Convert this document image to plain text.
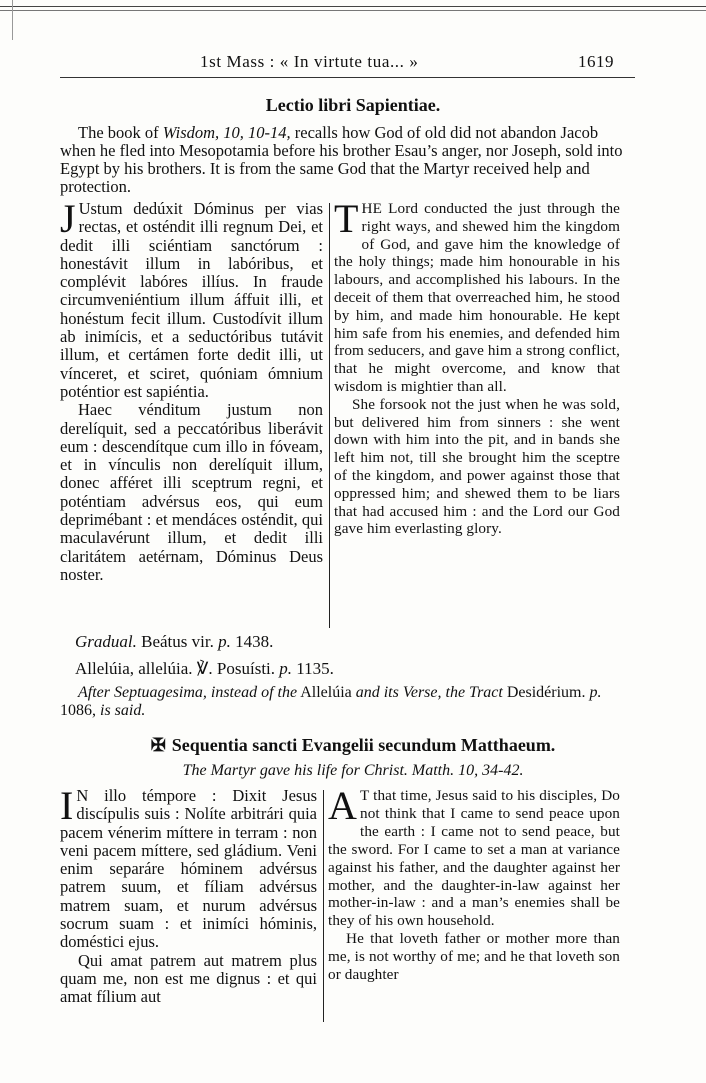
1st Mass : « In virtute tua... »	1619
Lectio libri Sapientiae.

The book of Wisdom, 10, 10-14, recalls how God of old did not abandon Jacob when he fled into Mesopotamia before his brother Esau’s anger, nor Joseph, sold into Egypt by his brothers. It is from the same God that the Martyr received help and protection.

J Ustum dedúxit Dóminus per vias rectas, et osténdit illi regnum Dei, et dedit illi sciéntiam sanctórum : honestávit illum in labóribus, et complévit labóres illíus. In fraude circumveniéntium illum áffuit illi, et honéstum fecit illum. Custodívit illum ab inimícis, et a seductóribus tutávit illum, et certámen forte dedit illi, ut vínceret, et sciret, quóniam ómnium poténtior est sapiéntia.

Haec vénditum justum non derelíquit, sed a peccatóribus liberávit eum : descendítque cum illo in fóveam, et in vínculis non derelíquit illum, donec afféret illi sceptrum regni, et poténtiam advérsus eos, qui eum deprimébant : et mendáces osténdit, qui maculavérunt illum, et dedit illi claritátem aetérnam, Dóminus Deus noster.

THE Lord conducted the just through the right ways, and shewed him the kingdom of God, and gave him the knowledge of the holy things; made him honourable in his labours, and accomplished his labours. In the deceit of them that overreached him, he stood by him, and made him honourable. He kept him safe from his enemies, and defended him from seducers, and gave him a strong conflict, that he might overcome, and know that wisdom is mightier than all.

She forsook not the just when he was sold, but delivered him from sinners : she went down with him into the pit, and in bands she left him not, till she brought him the sceptre of the kingdom, and power against those that oppressed him; and shewed them to be liars that had accused him : and the Lord our God gave him everlasting glory.

Gradual. Beátus vir. p. 1438.
Allelúia, allelúia. ℣. Posuísti. p. 1135.
After Septuagesima, instead of the Allelúia and its Verse, the Tract Desidérium. p. 1086, is said.
✠ Sequentia sancti Evangelii secundum Matthaeum.
The Martyr gave his life for Christ. Matth. 10, 34-42.

I N illo témpore : Dixit Jesus discípulis suis : Nolíte arbitrári quia pacem vénerim míttere in terram : non veni pacem míttere, sed gládium. Veni enim separáre hóminem advérsus patrem suum, et fíliam advérsus matrem suam, et nurum advérsus socrum suam : et inimíci hóminis, doméstici ejus.

Qui amat patrem aut matrem plus quam me, non est me dignus : et qui amat fílium aut

A T that time, Jesus said to his disciples, Do not think that I came to send peace upon the earth : I came not to send peace, but the sword. For I came to set a man at variance against his father, and the daughter against her mother, and the daughter-in-law against her mother-in-law : and a man’s enemies shall be they of his own household.

He that loveth father or mother more than me, is not worthy of me; and he that loveth son or daughter
